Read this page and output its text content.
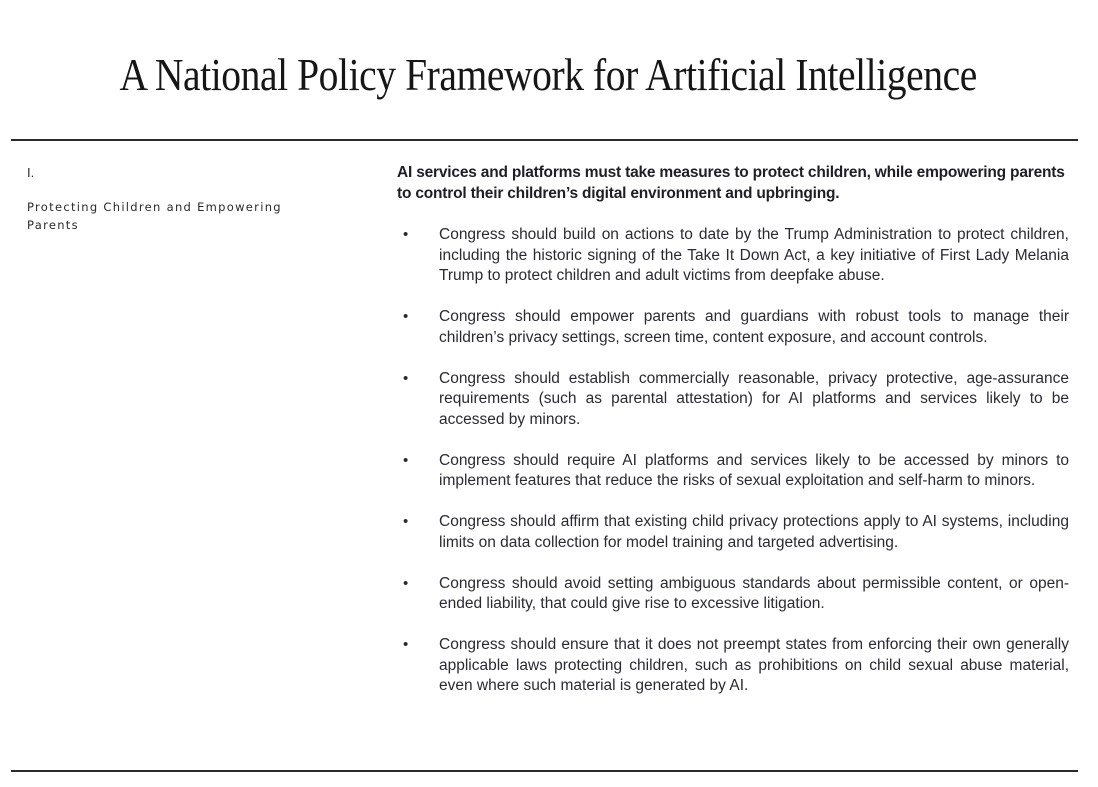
A National Policy Framework for Artificial Intelligence
I.
Protecting Children and Empowering Parents
AI services and platforms must take measures to protect children, while empowering parents to control their children’s digital environment and upbringing.
• Congress should build on actions to date by the Trump Administration to protect children, including the historic signing of the Take It Down Act, a key initiative of First Lady Melania Trump to protect children and adult victims from deepfake abuse.
• Congress should empower parents and guardians with robust tools to manage their children’s privacy settings, screen time, content exposure, and account controls.
• Congress should establish commercially reasonable, privacy protective, age-assurance requirements (such as parental attestation) for AI platforms and services likely to be accessed by minors.
• Congress should require AI platforms and services likely to be accessed by minors to implement features that reduce the risks of sexual exploitation and self-harm to minors.
• Congress should affirm that existing child privacy protections apply to AI systems, including limits on data collection for model training and targeted advertising.
• Congress should avoid setting ambiguous standards about permissible content, or open-ended liability, that could give rise to excessive litigation.
• Congress should ensure that it does not preempt states from enforcing their own generally applicable laws protecting children, such as prohibitions on child sexual abuse material, even where such material is generated by AI.
